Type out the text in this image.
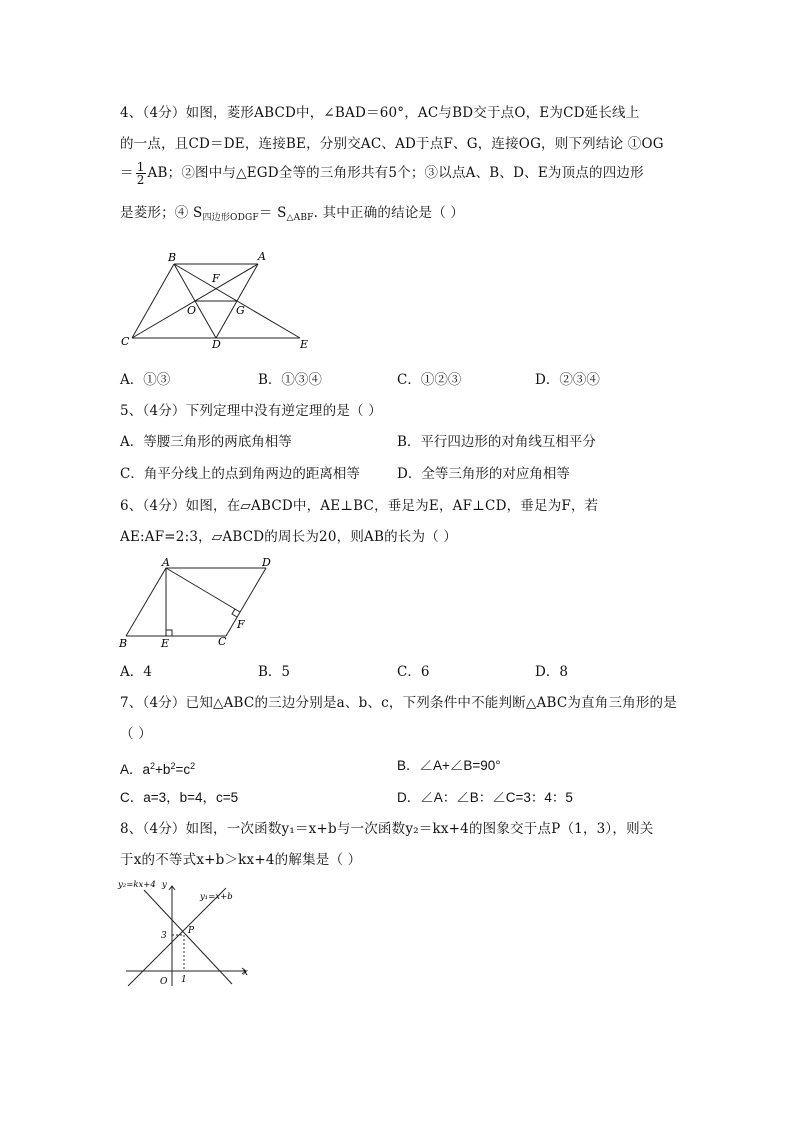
4、（4分）如图，菱形ABCD中，∠BAD＝60°，AC与BD交于点O，E为CD延长线上
的一点，且CD＝DE，连接BE，分别交AC、AD于点F、G，连接OG，则下列结论 ①OG
＝ $\frac{1}{2}$ AB；②图中与△EGD全等的三角形共有5个；③以点A、B、D、E为顶点的四边形
是菱形；④ $S_{四边形ODGF}= S_{\triangle ABF}$. 其中正确的结论是（ ）
B	A
F
O	G
C	D	E
A．①③	B．①③④	C．①②③	D．②③④
5、（4分）下列定理中没有逆定理的是（ ）
A．等腰三角形的两底角相等	B．平行四边形的对角线互相平分
C．角平分线上的点到角两边的距离相等	D．全等三角形的对应角相等
6、（4分）如图，在▱ABCD中，AE⊥BC，垂足为E，AF⊥CD，垂足为F，若
AE:AF=2:3，▱ABCD的周长为20，则AB的长为（ ）
A	D
B	E	C
F
A．4	B．5	C．6	D．8
7、（4分）已知△ABC的三边分别是a、b、c，下列条件中不能判断△ABC为直角三角形的是
（ ）
A．$a^2+b^2=c^2$	B．∠A+∠B=90°
C．a=3，b=4，c=5	D．∠A：∠B：∠C=3：4：5
8、（4分）如图，一次函数y₁＝x+b与一次函数y₂＝kx+4的图象交于点P（1，3），则关
于x的不等式x+b＞kx+4的解集是（ ）
y₂=kx+4 y
y₁=x+b
P
3
1
O
x
